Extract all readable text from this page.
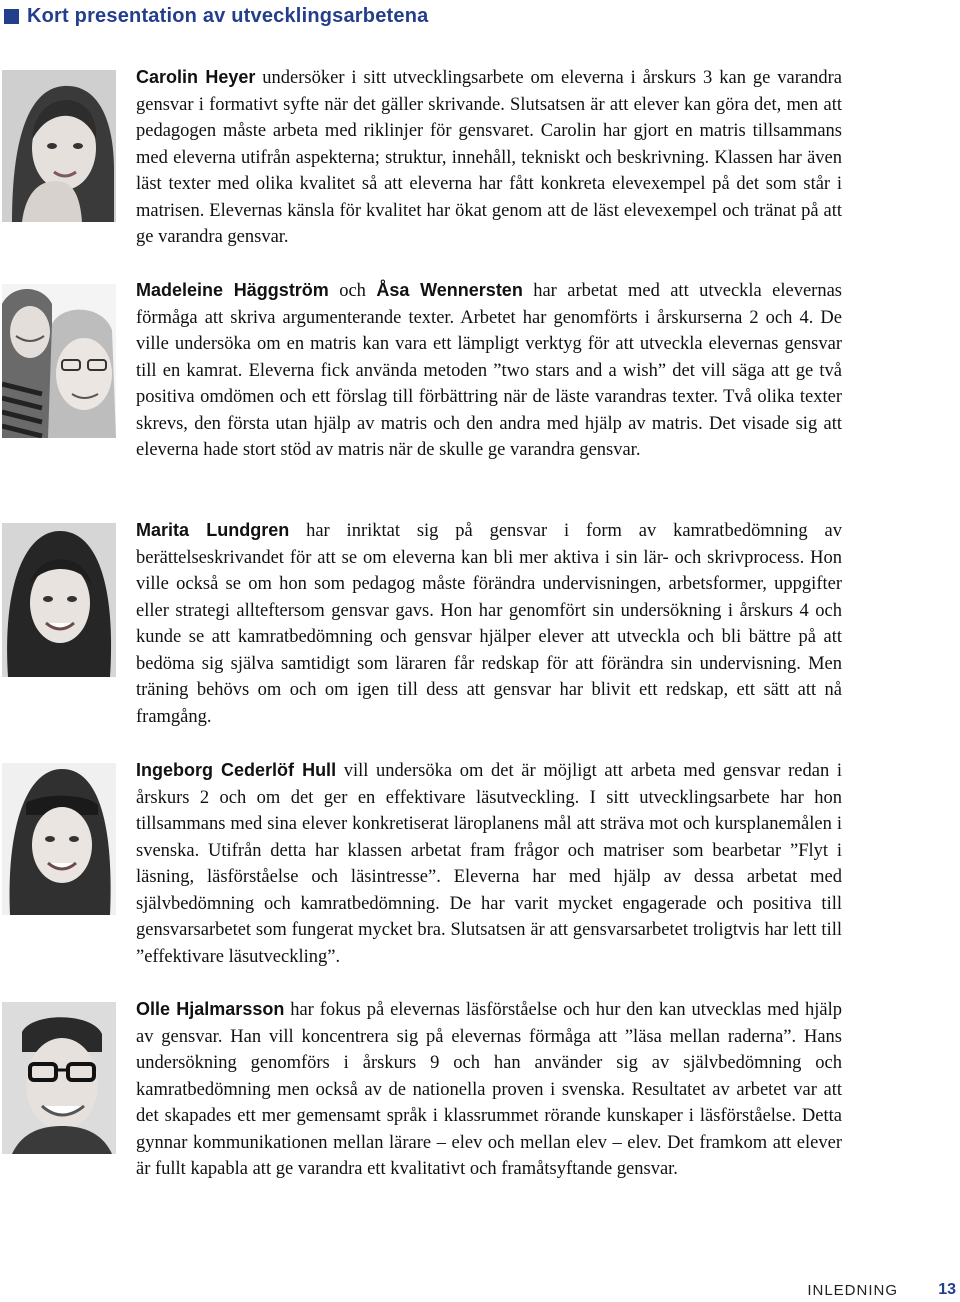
Kort presentation av utvecklingsarbetena

Carolin Heyer undersöker i sitt utvecklingsarbete om eleverna i årskurs 3 kan ge varandra gensvar i formativt syfte när det gäller skrivande. Slutsatsen är att elever kan göra det, men att pedagogen måste arbeta med riklinjer för gensvaret. Carolin har gjort en matris tillsammans med eleverna utifrån aspekterna; struktur, innehåll, tekniskt och beskrivning. Klassen har även läst texter med olika kvalitet så att eleverna har fått konkreta elevexempel på det som står i matrisen. Elevernas känsla för kvalitet har ökat genom att de läst elevexempel och tränat på att ge varandra gensvar.

Madeleine Häggström och Åsa Wennersten har arbetat med att utveckla elevernas förmåga att skriva argumenterande texter. Arbetet har genomförts i årskurserna 2 och 4. De ville undersöka om en matris kan vara ett lämpligt verktyg för att utveckla elevernas gensvar till en kamrat. Eleverna fick använda metoden ”two stars and a wish” det vill säga att ge två positiva omdömen och ett förslag till förbättring när de läste varandras texter. Två olika texter skrevs, den första utan hjälp av matris och den andra med hjälp av matris. Det visade sig att eleverna hade stort stöd av matris när de skulle ge varandra gensvar.

Marita Lundgren har inriktat sig på gensvar i form av kamratbedömning av berättelseskrivandet för att se om eleverna kan bli mer aktiva i sin lär- och skrivprocess. Hon ville också se om hon som pedagog måste förändra undervisningen, arbetsformer, uppgifter eller strategi allteftersom gensvar gavs. Hon har genomfört sin undersökning i årskurs 4 och kunde se att kamratbedömning och gensvar hjälper elever att utveckla och bli bättre på att bedöma sig själva samtidigt som läraren får redskap för att förändra sin undervisning. Men träning behövs om och om igen till dess att gensvar har blivit ett redskap, ett sätt att nå framgång.

Ingeborg Cederlöf Hull vill undersöka om det är möjligt att arbeta med gensvar redan i årskurs 2 och om det ger en effektivare läsutveckling. I sitt utvecklingsarbete har hon tillsammans med sina elever konkretiserat läroplanens mål att sträva mot och kursplanemålen i svenska. Utifrån detta har klassen arbetat fram frågor och matriser som bearbetar ”Flyt i läsning, läsförståelse och läsintresse”. Eleverna har med hjälp av dessa arbetat med självbedömning och kamratbedömning. De har varit mycket engagerade och positiva till gensvarsarbetet som fungerat mycket bra. Slutsatsen är att gensvarsarbetet troligtvis har lett till ”effektivare läsutveckling”.

Olle Hjalmarsson har fokus på elevernas läsförståelse och hur den kan utvecklas med hjälp av gensvar. Han vill koncentrera sig på elevernas förmåga att ”läsa mellan raderna”. Hans undersökning genomförs i årskurs 9 och han använder sig av självbedömning och kamratbedömning men också av de nationella proven i svenska. Resultatet av arbetet var att det skapades ett mer gemensamt språk i klassrummet rörande kunskaper i läsförståelse. Detta gynnar kommunikationen mellan lärare – elev och mellan elev – elev. Det framkom att elever är fullt kapabla att ge varandra ett kvalitativt och framåtsyftande gensvar.

INLEDNING	13
